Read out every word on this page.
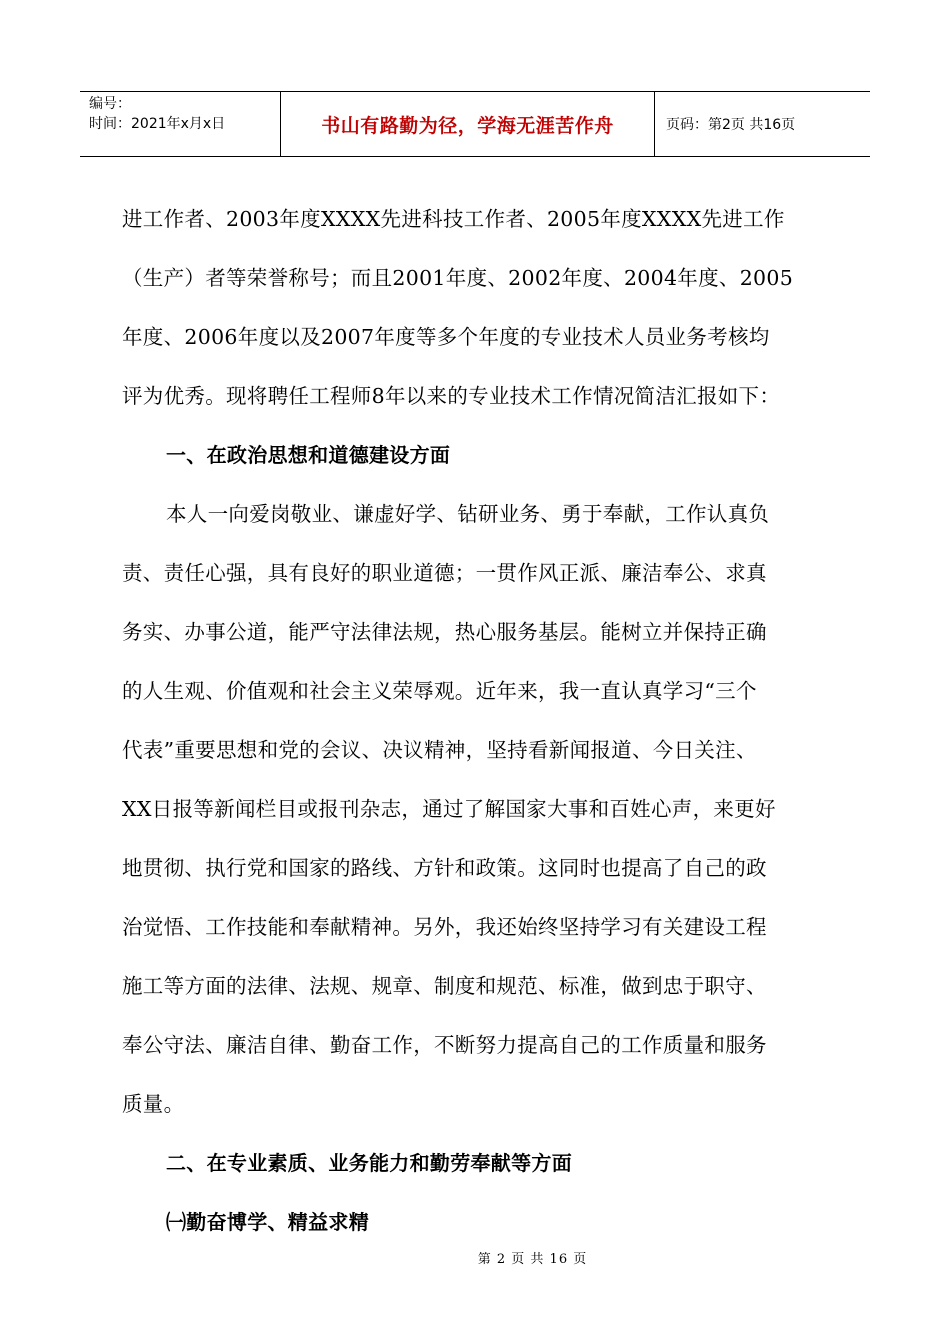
编号：
时间：2021年x月x日	书山有路勤为径，学海无涯苦作舟	页码：第2页 共16页
进工作者、2003年度XXXX先进科技工作者、2005年度XXXX先进工作
（生产）者等荣誉称号；而且2001年度、2002年度、2004年度、2005
年度、2006年度以及2007年度等多个年度的专业技术人员业务考核均
评为优秀。现将聘任工程师8年以来的专业技术工作情况简洁汇报如下：
一、在政治思想和道德建设方面
本人一向爱岗敬业、谦虚好学、钻研业务、勇于奉献，工作认真负
责、责任心强，具有良好的职业道德；一贯作风正派、廉洁奉公、求真
务实、办事公道，能严守法律法规，热心服务基层。能树立并保持正确
的人生观、价值观和社会主义荣辱观。近年来，我一直认真学习“三个
代表”重要思想和党的会议、决议精神，坚持看新闻报道、今日关注、
XX日报等新闻栏目或报刊杂志，通过了解国家大事和百姓心声，来更好
地贯彻、执行党和国家的路线、方针和政策。这同时也提高了自己的政
治觉悟、工作技能和奉献精神。另外，我还始终坚持学习有关建设工程
施工等方面的法律、法规、规章、制度和规范、标准，做到忠于职守、
奉公守法、廉洁自律、勤奋工作，不断努力提高自己的工作质量和服务
质量。
二、在专业素质、业务能力和勤劳奉献等方面
㈠勤奋博学、精益求精
第 2 页 共 16 页
